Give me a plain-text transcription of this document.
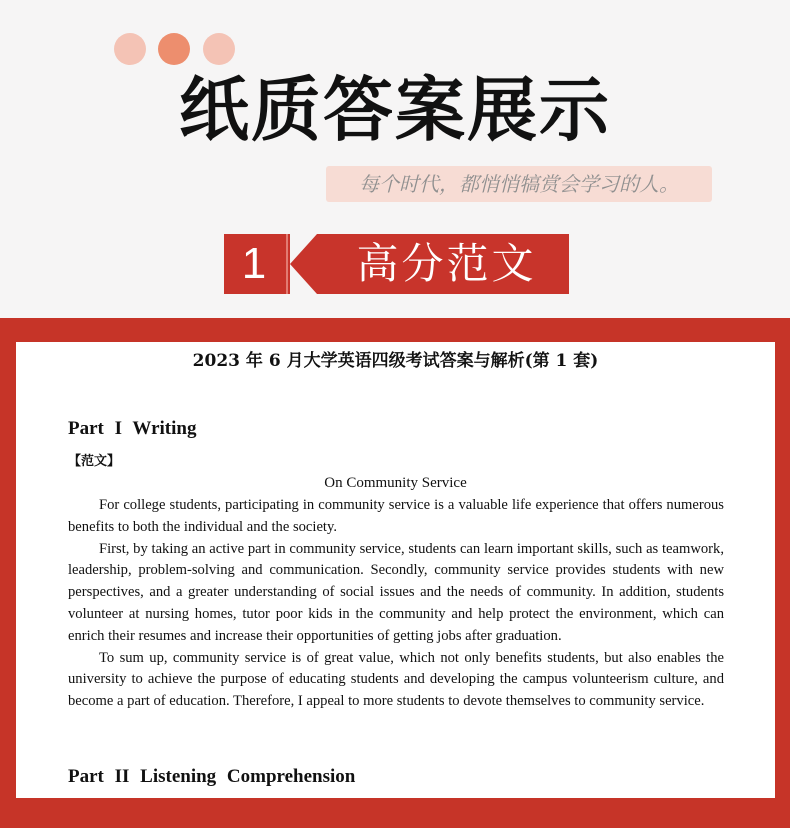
纸质答案展示
每个时代，都悄悄犒赏会学习的人。
1	高分范文
2023 年 6 月大学英语四级考试答案与解析(第 1 套)
Part I Writing
【范文】
On Community Service

For college students, participating in community service is a valuable life experience that offers numerous benefits to both the individual and the society.

First, by taking an active part in community service, students can learn important skills, such as teamwork, leadership, problem-solving and communication. Secondly, community service provides students with new perspectives, and a greater understanding of social issues and the needs of community. In addition, students volunteer at nursing homes, tutor poor kids in the community and help protect the environment, which can enrich their resumes and increase their opportunities of getting jobs after graduation.

To sum up, community service is of great value, which not only benefits students, but also enables the university to achieve the purpose of educating students and developing the campus volunteerism culture, and become a part of education. Therefore, I appeal to more students to devote themselves to community service.

Part II Listening Comprehension
